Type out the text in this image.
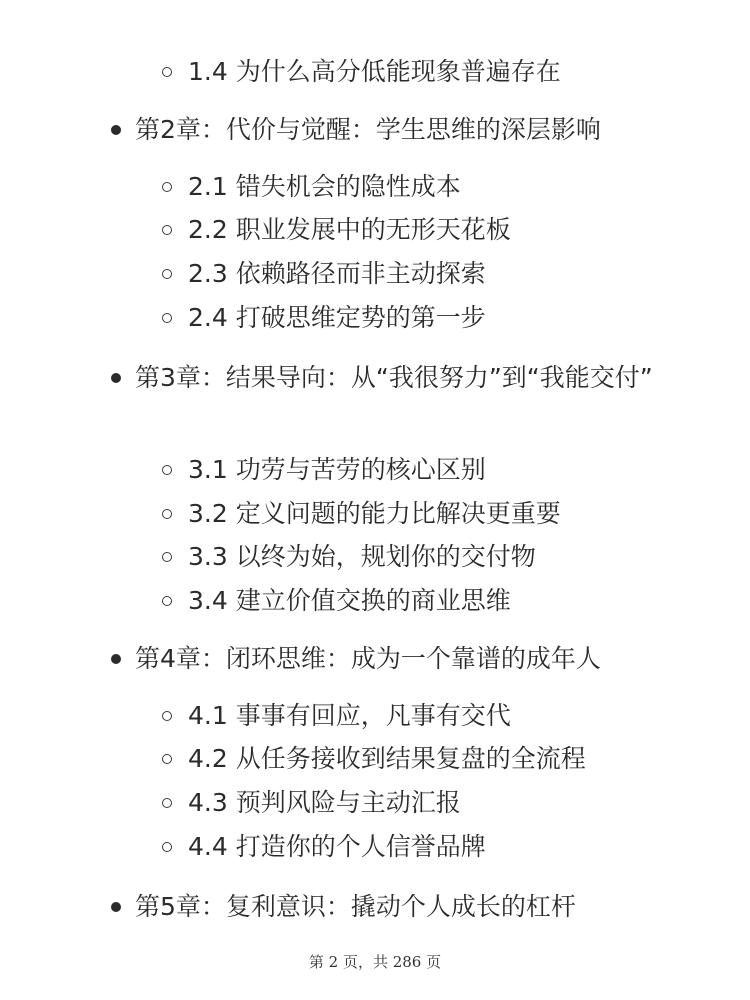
1.4 为什么高分低能现象普遍存在
第2章：代价与觉醒：学生思维的深层影响
2.1 错失机会的隐性成本
2.2 职业发展中的无形天花板
2.3 依赖路径而非主动探索
2.4 打破思维定势的第一步
第3章：结果导向：从“我很努力”到“我能交付”
3.1 功劳与苦劳的核心区别
3.2 定义问题的能力比解决更重要
3.3 以终为始，规划你的交付物
3.4 建立价值交换的商业思维
第4章：闭环思维：成为一个靠谱的成年人
4.1 事事有回应，凡事有交代
4.2 从任务接收到结果复盘的全流程
4.3 预判风险与主动汇报
4.4 打造你的个人信誉品牌
第5章：复利意识：撬动个人成长的杠杆
第 2 页，共 286 页
